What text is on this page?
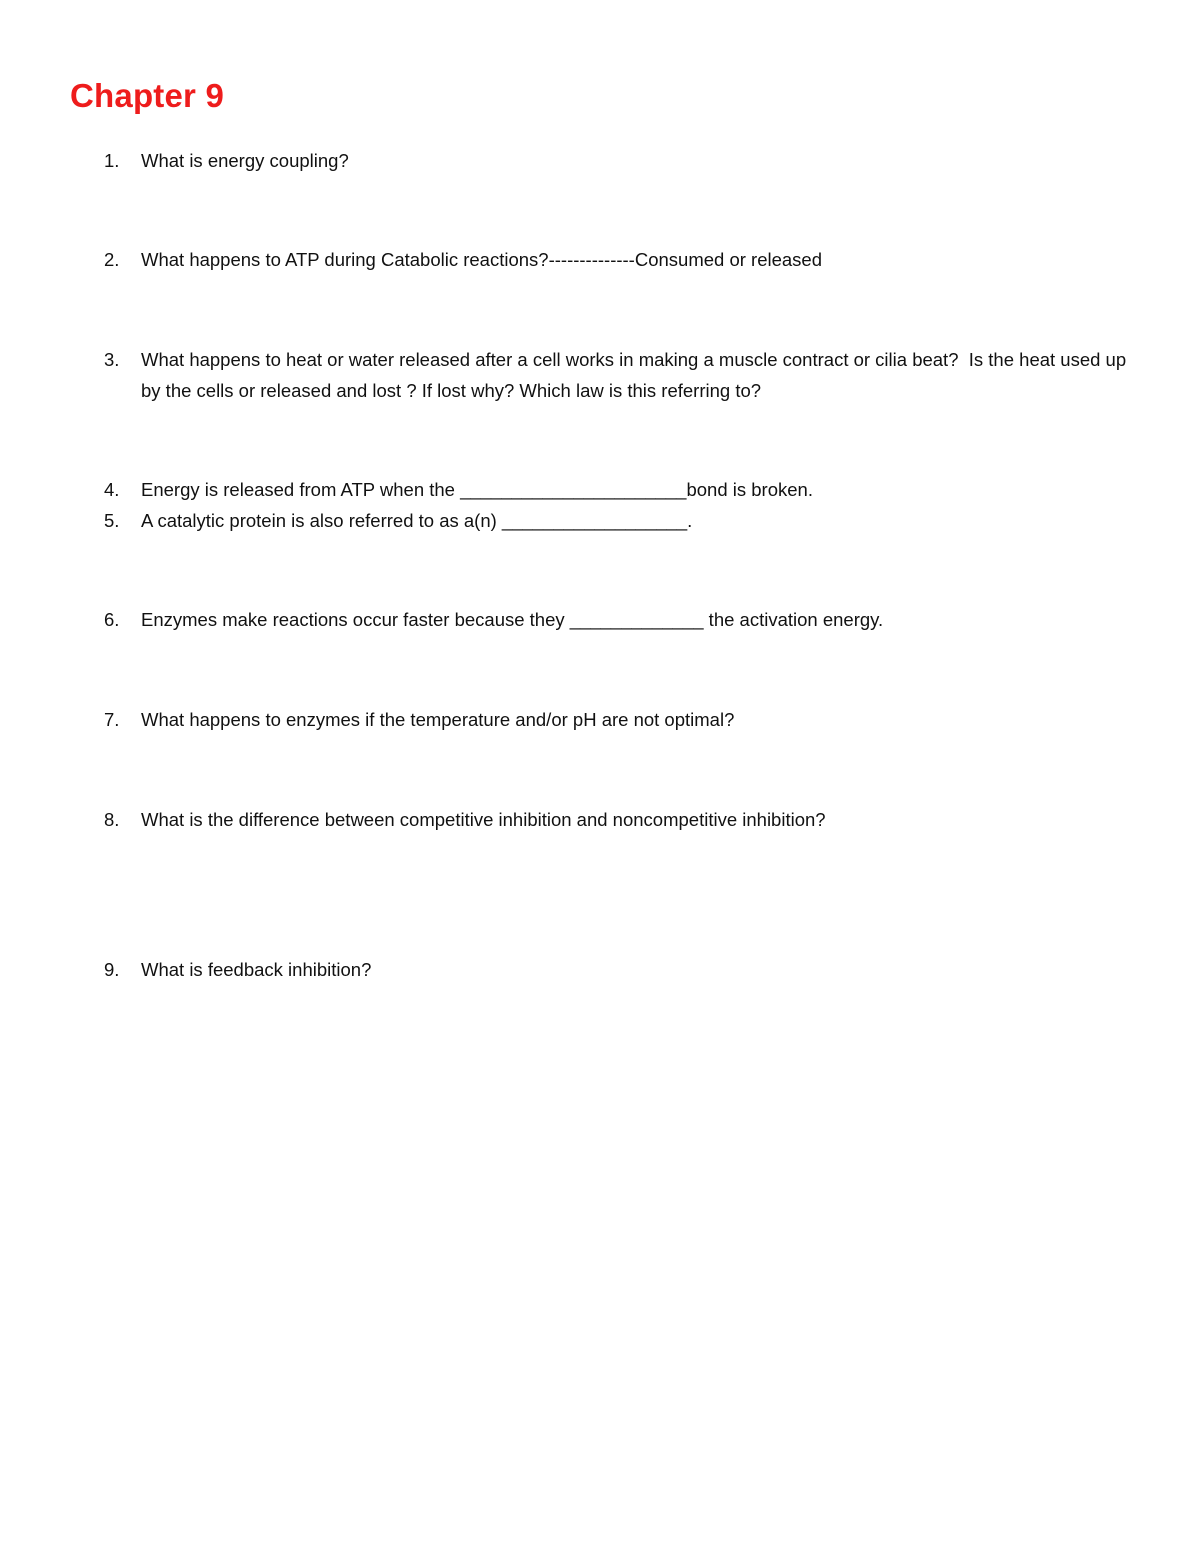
Chapter 9
1.	What is energy coupling?
2.	What happens to ATP during Catabolic reactions?--------------Consumed or released
3.	What happens to heat or water released after a cell works in making a muscle contract or cilia beat?  Is the heat used up by the cells or released and lost ? If lost why? Which law is this referring to?
4.	Energy is released from ATP when the ______________________bond is broken.
5.	A catalytic protein is also referred to as a(n) __________________.
6.	Enzymes make reactions occur faster because they _____________ the activation energy.
7.	What happens to enzymes if the temperature and/or pH are not optimal?
8.	What is the difference between competitive inhibition and noncompetitive inhibition?
9.	What is feedback inhibition?
